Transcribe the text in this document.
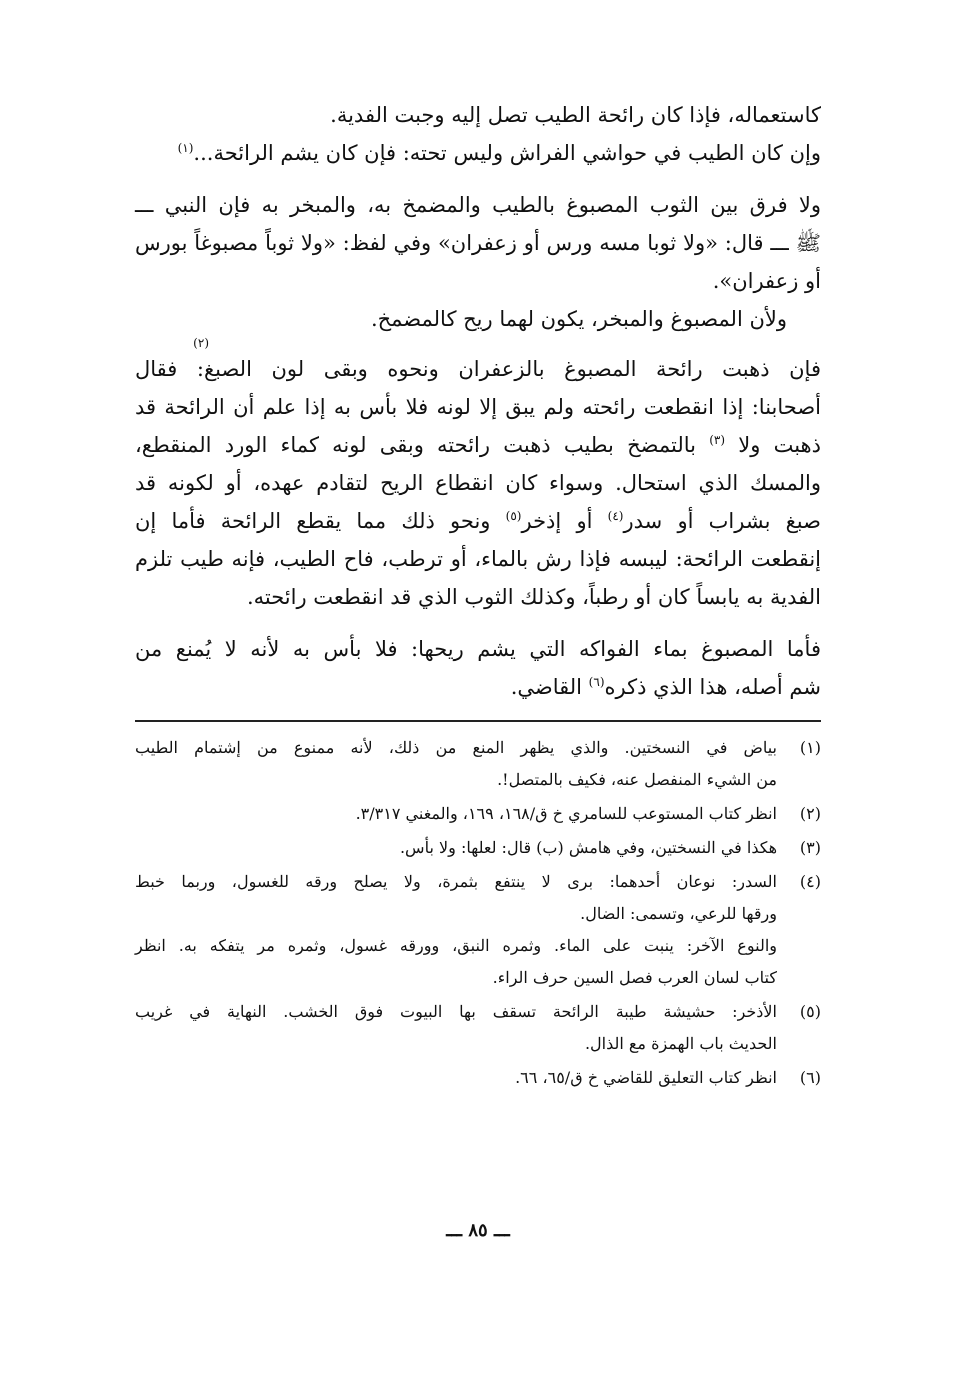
كاستعماله، فإذا كان رائحة الطيب تصل إليه وجبت الفدية.
وإن كان الطيب في حواشي الفراش وليس تحته: فإن كان يشم الرائحة...$^{(١)}$
ولا فرق بين الثوب المصبوغ بالطيب والمضمخ به، والمبخر به فإن النبي ـــ
ﷺ ـــ قال: «ولا ثوبا مسه ورس أو زعفران» وفي لفظ: «ولا ثوباً مصبوغاً بورس
أو زعفران».
ولأن المصبوغ والمبخر، يكون لهما ريح كالمضمخ.
(٢)
فإن ذهبت رائحة المصبوغ بالزعفران ونحوه وبقى لون الصبغ: فقال
أصحابنا: إذا انقطعت رائحته ولم يبق إلا لونه فلا بأس به إذا علم أن الرائحة قد
ذهبت ولا $^{(٣)}$ بالتمضخ بطيب ذهبت رائحته وبقى لونه كماء الورد المنقطع،
والمسك الذي استحال. وسواء كان انقطاع الريح لتقادم عهده، أو لكونه قد
صبغ بشراب أو سدر$^{(٤)}$ أو إذخر$^{(٥)}$ ونحو ذلك مما يقطع الرائحة فأما إن
إنقطعت الرائحة: ليبسه فإذا رش بالماء، أو ترطب، فاح الطيب، فإنه طيب تلزم
الفدية به يابساً كان أو رطباً، وكذلك الثوب الذي قد انقطعت رائحته.
فأما المصبوغ بماء الفواكه التي يشم ريحها: فلا بأس به لأنه لا يُمنع من
شم أصله، هذا الذي ذكره$^{(٦)}$ القاضي.
(١)
بياض في النسختين. والذي يظهر المنع من ذلك، لأنه ممنوع من إشتمام الطيب
من الشيء المنفصل عنه، فكيف بالمتصل!.
(٢)
انظر كتاب المستوعب للسامري خ ق/١٦٨، ١٦٩، والمغني ٣/٣١٧.
(٣)
هكذا في النسختين، وفي هامش (ب) قال: لعلها: ولا بأس.
(٤)
السدر: نوعان أحدهما: برى لا ينتفع بثمرة، ولا يصلح ورقه للغسول، وربما خبط
ورقها للرعي، وتسمى: الضال.
والنوع الآخر: ينبت على الماء. وثمره النبق، وورقه غسول، وثمره مر يتفكه به. انظر
كتاب لسان العرب فصل السين حرف الراء.
(٥)
الأذخر: حشيشة طيبة الرائحة تسقف بها البيوت فوق الخشب. النهاية في غريب
الحديث باب الهمزة مع الذال.
(٦)
انظر كتاب التعليق للقاضي خ ق/٦٥، ٦٦.
ـــ ٨٥ ـــ
